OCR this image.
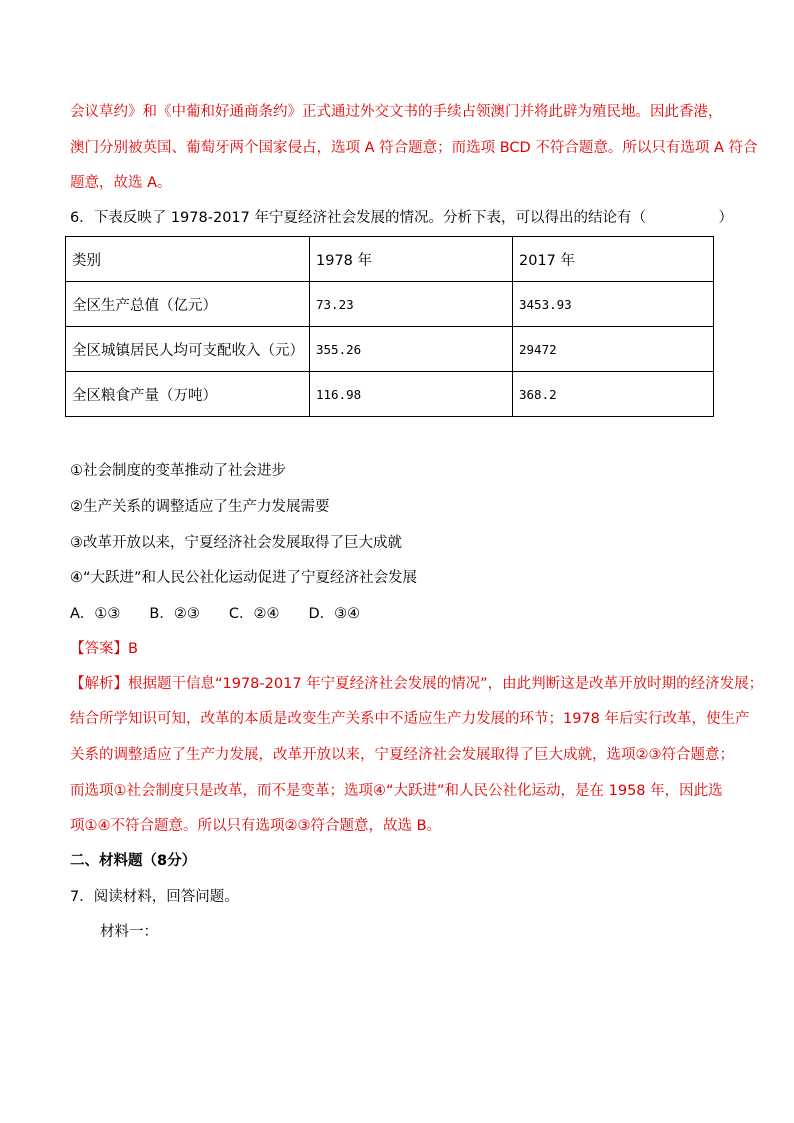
会议草约》和《中葡和好通商条约》正式通过外交文书的手续占领澳门并将此辟为殖民地。因此香港，
澳门分别被英国、葡萄牙两个国家侵占，选项 A 符合题意；而选项 BCD 不符合题意。所以只有选项 A 符合
题意，故选 A。
6．下表反映了 1978-2017 年宁夏经济社会发展的情况。分析下表，可以得出的结论有（　　　　　）
类别	1978 年	2017 年
全区生产总值（亿元）	73.23	3453.93
全区城镇居民人均可支配收入（元）	355.26	29472
全区粮食产量（万吨）	116.98	368.2
①社会制度的变革推动了社会进步
②生产关系的调整适应了生产力发展需要
③改革开放以来，宁夏经济社会发展取得了巨大成就
④“大跃进”和人民公社化运动促进了宁夏经济社会发展
A．①③　　B．②③　　C．②④　　D．③④
【答案】B
【解析】根据题干信息“1978-2017 年宁夏经济社会发展的情况”，由此判断这是改革开放时期的经济发展；
结合所学知识可知，改革的本质是改变生产关系中不适应生产力发展的环节；1978 年后实行改革，使生产
关系的调整适应了生产力发展，改革开放以来，宁夏经济社会发展取得了巨大成就，选项②③符合题意；
而选项①社会制度只是改革，而不是变革；选项④“大跃进”和人民公社化运动，是在 1958 年，因此选
项①④不符合题意。所以只有选项②③符合题意，故选 B。
二、材料题（8分）
7．阅读材料，回答问题。
材料一：
